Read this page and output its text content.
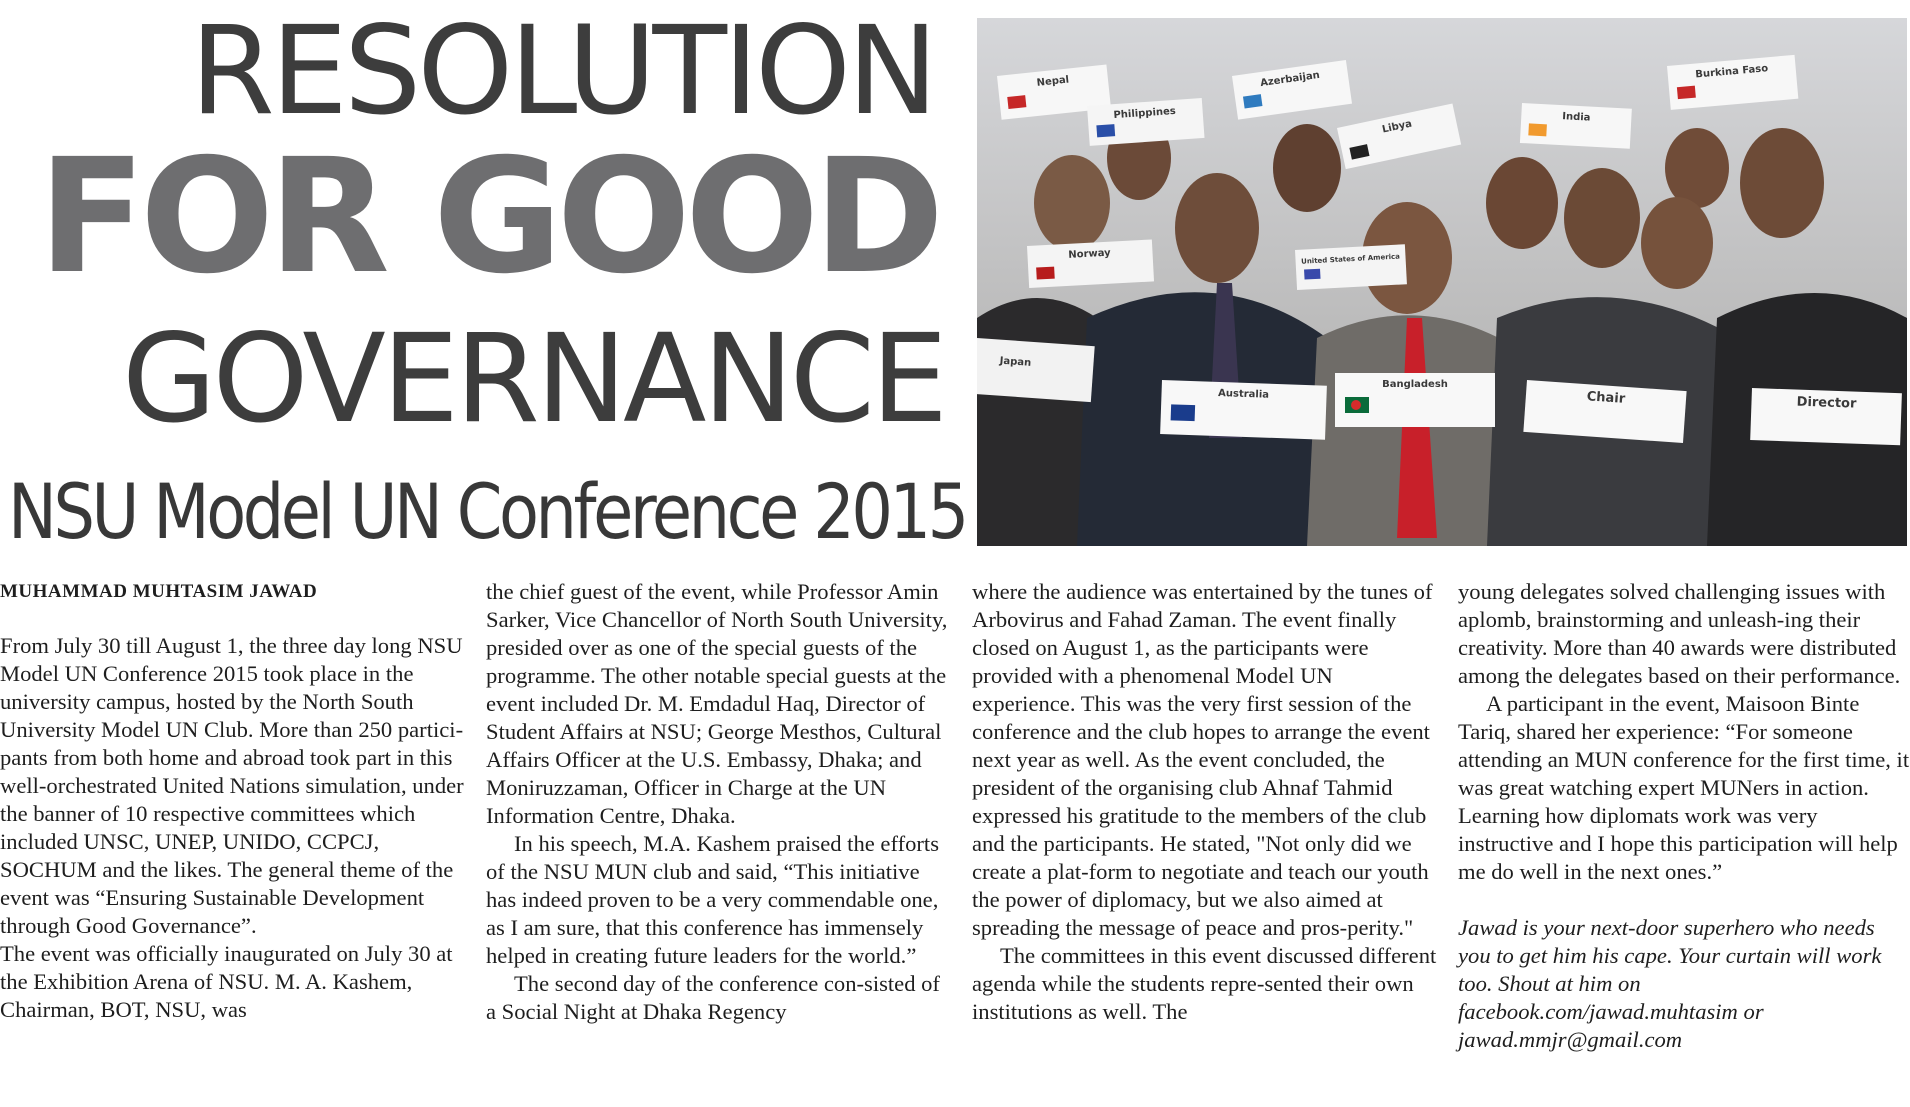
RESOLUTION
FOR GOOD
GOVERNANCE
NSU Model UN Conference 2015
Nepal
Philippines
Azerbaijan
Libya
India
Burkina Faso
Norway	United States of America
Japan
Australia
Bangladesh
Chair	Director

MUHAMMAD MUHTASIM JAWAD

From July 30 till August 1, the three day long NSU Model UN Conference 2015 took place in the university campus, hosted by the North South University Model UN Club. More than 250 partici-pants from both home and abroad took part in this well-orchestrated United Nations simulation, under the banner of 10 respective committees which included UNSC, UNEP, UNIDO, CCPCJ, SOCHUM and the likes. The general theme of the event was “Ensuring Sustainable Development through Good Governance”.

The event was officially inaugurated on July 30 at the Exhibition Arena of NSU. M. A. Kashem, Chairman, BOT, NSU, was

the chief guest of the event, while Professor Amin Sarker, Vice Chancellor of North South University, presided over as one of the special guests of the programme. The other notable special guests at the event included Dr. M. Emdadul Haq, Director of Student Affairs at NSU; George Mesthos, Cultural Affairs Officer at the U.S. Embassy, Dhaka; and Moniruzzaman, Officer in Charge at the UN Information Centre, Dhaka.

In his speech, M.A. Kashem praised the efforts of the NSU MUN club and said, “This initiative has indeed proven to be a very commendable one, as I am sure, that this conference has immensely helped in creating future leaders for the world.”

The second day of the conference con-sisted of a Social Night at Dhaka Regency

where the audience was entertained by the tunes of Arbovirus and Fahad Zaman. The event finally closed on August 1, as the participants were provided with a phenomenal Model UN experience. This was the very first session of the conference and the club hopes to arrange the event next year as well. As the event concluded, the president of the organising club Ahnaf Tahmid expressed his gratitude to the members of the club and the participants. He stated, "Not only did we create a plat-form to negotiate and teach our youth the power of diplomacy, but we also aimed at spreading the message of peace and pros-perity."

The committees in this event discussed different agenda while the students repre-sented their own institutions as well. The

young delegates solved challenging issues with aplomb, brainstorming and unleash-ing their creativity. More than 40 awards were distributed among the delegates based on their performance.

A participant in the event, Maisoon Binte Tariq, shared her experience: “For someone attending an MUN conference for the first time, it was great watching expert MUNers in action. Learning how diplomats work was very instructive and I hope this participation will help me do well in the next ones.”

Jawad is your next-door superhero who needs you to get him his cape. Your curtain will work too. Shout at him on facebook.com/jawad.muhtasim or jawad.mmjr@gmail.com
